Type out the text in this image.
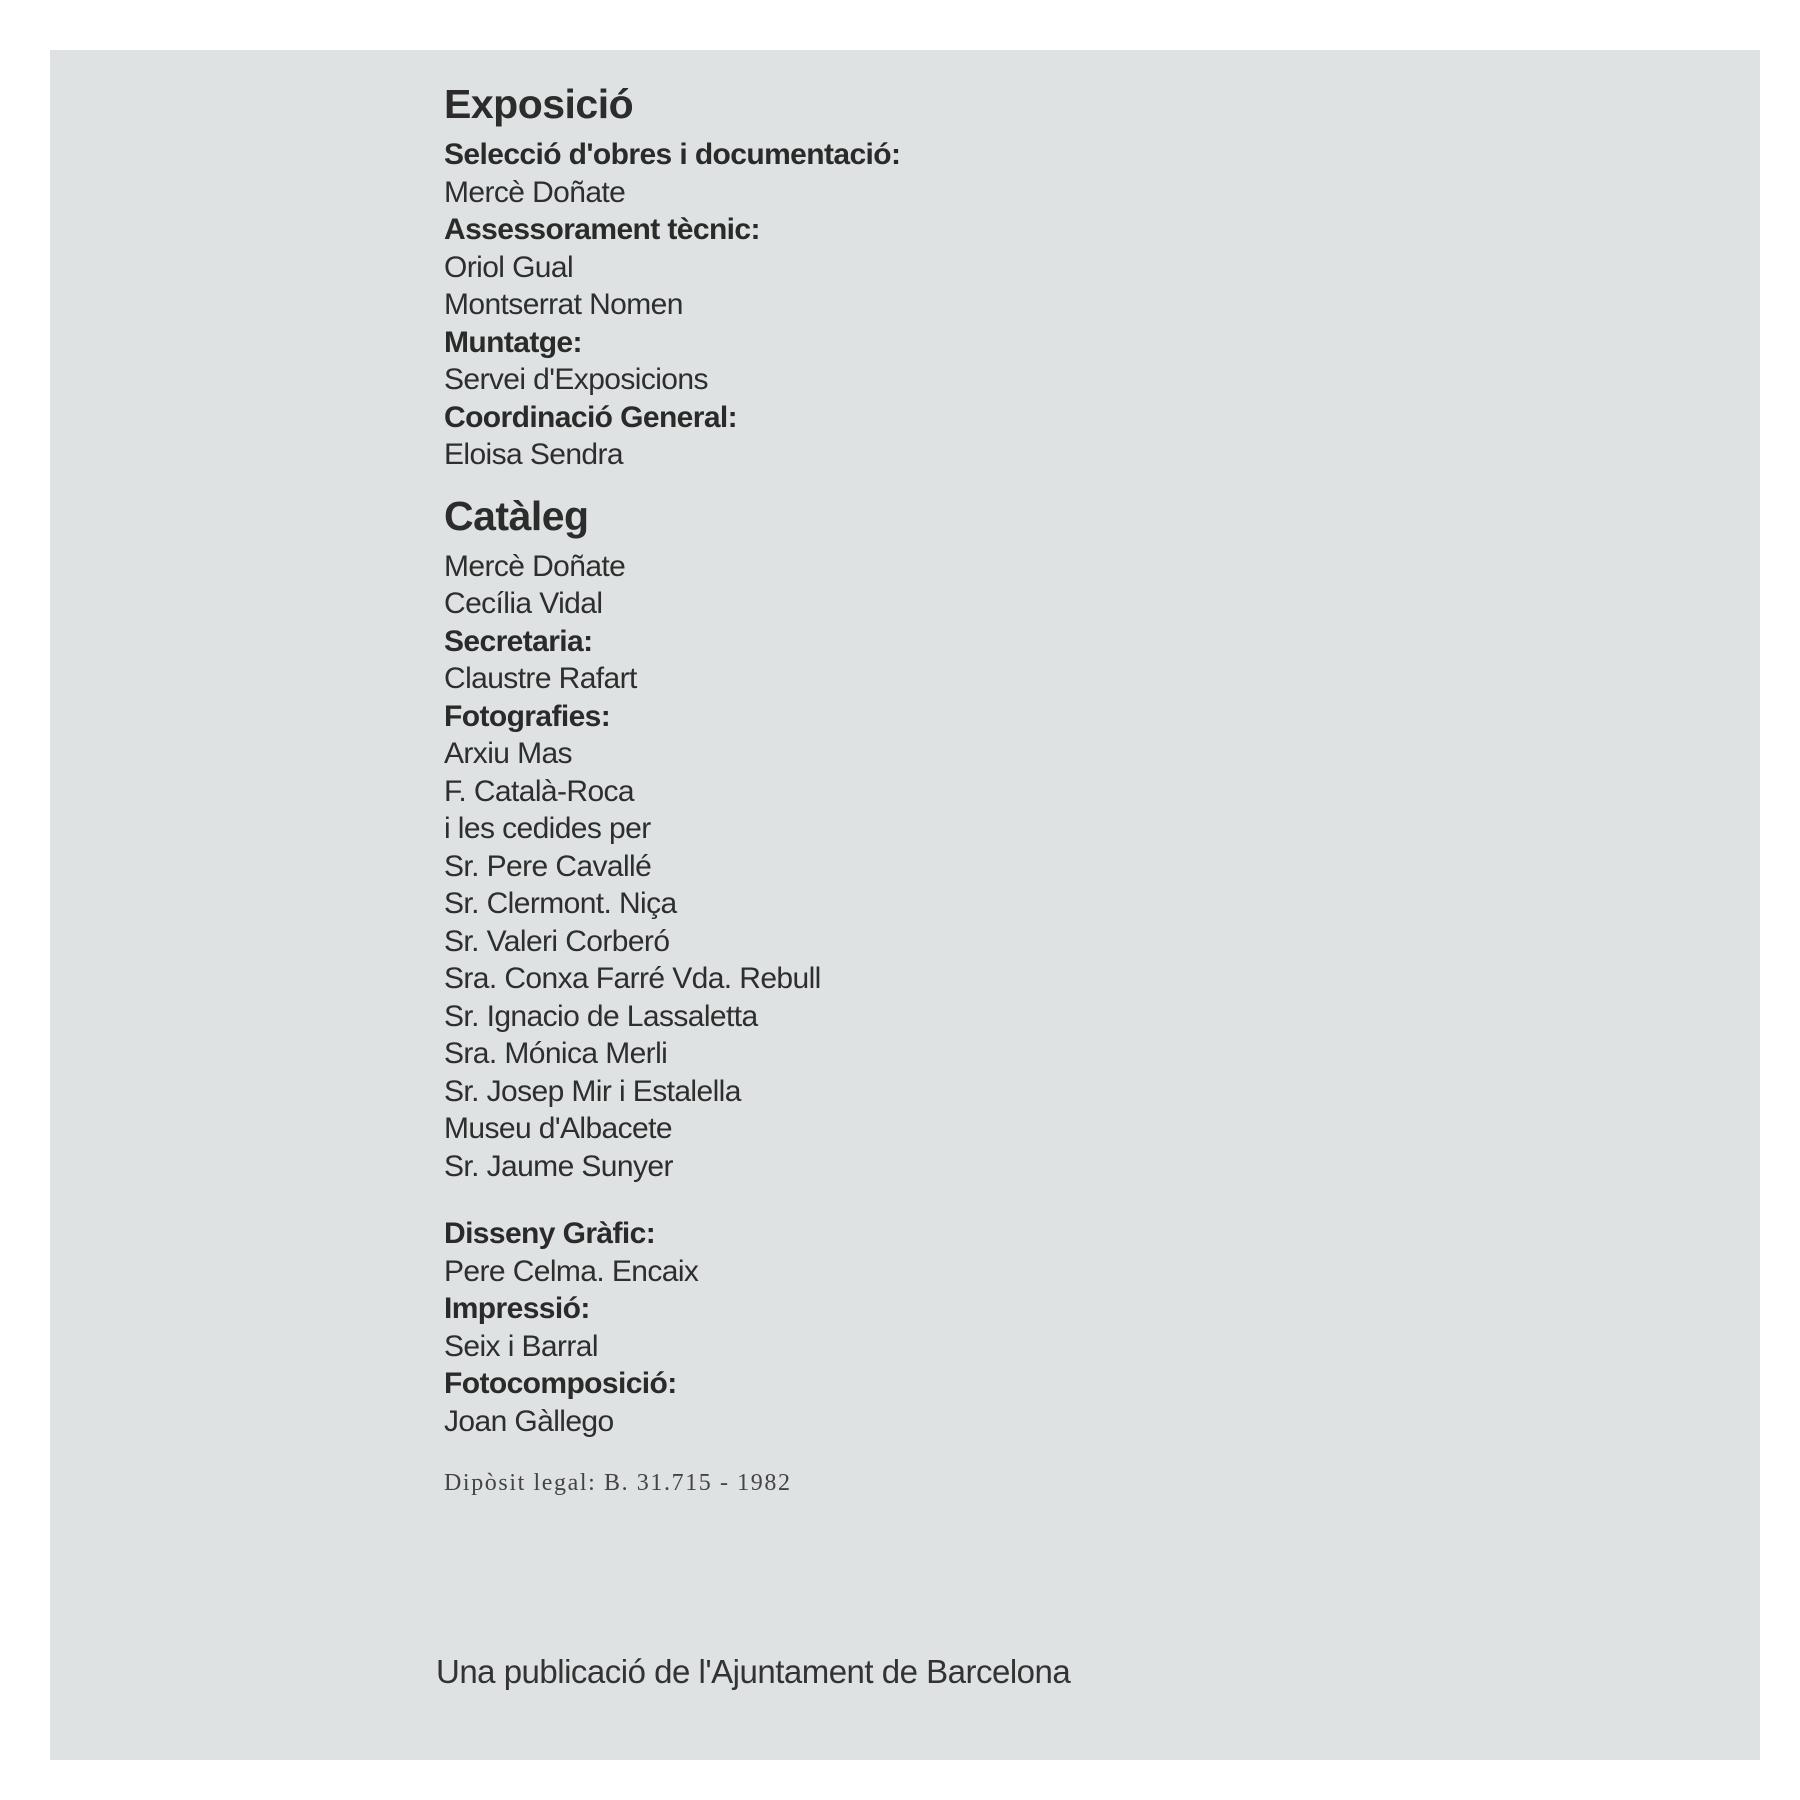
Exposició
Selecció d'obres i documentació:
Mercè Doñate
Assessorament tècnic:
Oriol Gual
Montserrat Nomen
Muntatge:
Servei d'Exposicions
Coordinació General:
Eloisa Sendra
Catàleg
Mercè Doñate
Cecília Vidal
Secretaria:
Claustre Rafart
Fotografies:
Arxiu Mas
F. Català-Roca
i les cedides per
Sr. Pere Cavallé
Sr. Clermont. Niça
Sr. Valeri Corberó
Sra. Conxa Farré Vda. Rebull
Sr. Ignacio de Lassaletta
Sra. Mónica Merli
Sr. Josep Mir i Estalella
Museu d'Albacete
Sr. Jaume Sunyer
Disseny Gràfic:
Pere Celma. Encaix
Impressió:
Seix i Barral
Fotocomposició:
Joan Gàllego
Dipòsit legal: B. 31.715 - 1982
Una publicació de l'Ajuntament de Barcelona
